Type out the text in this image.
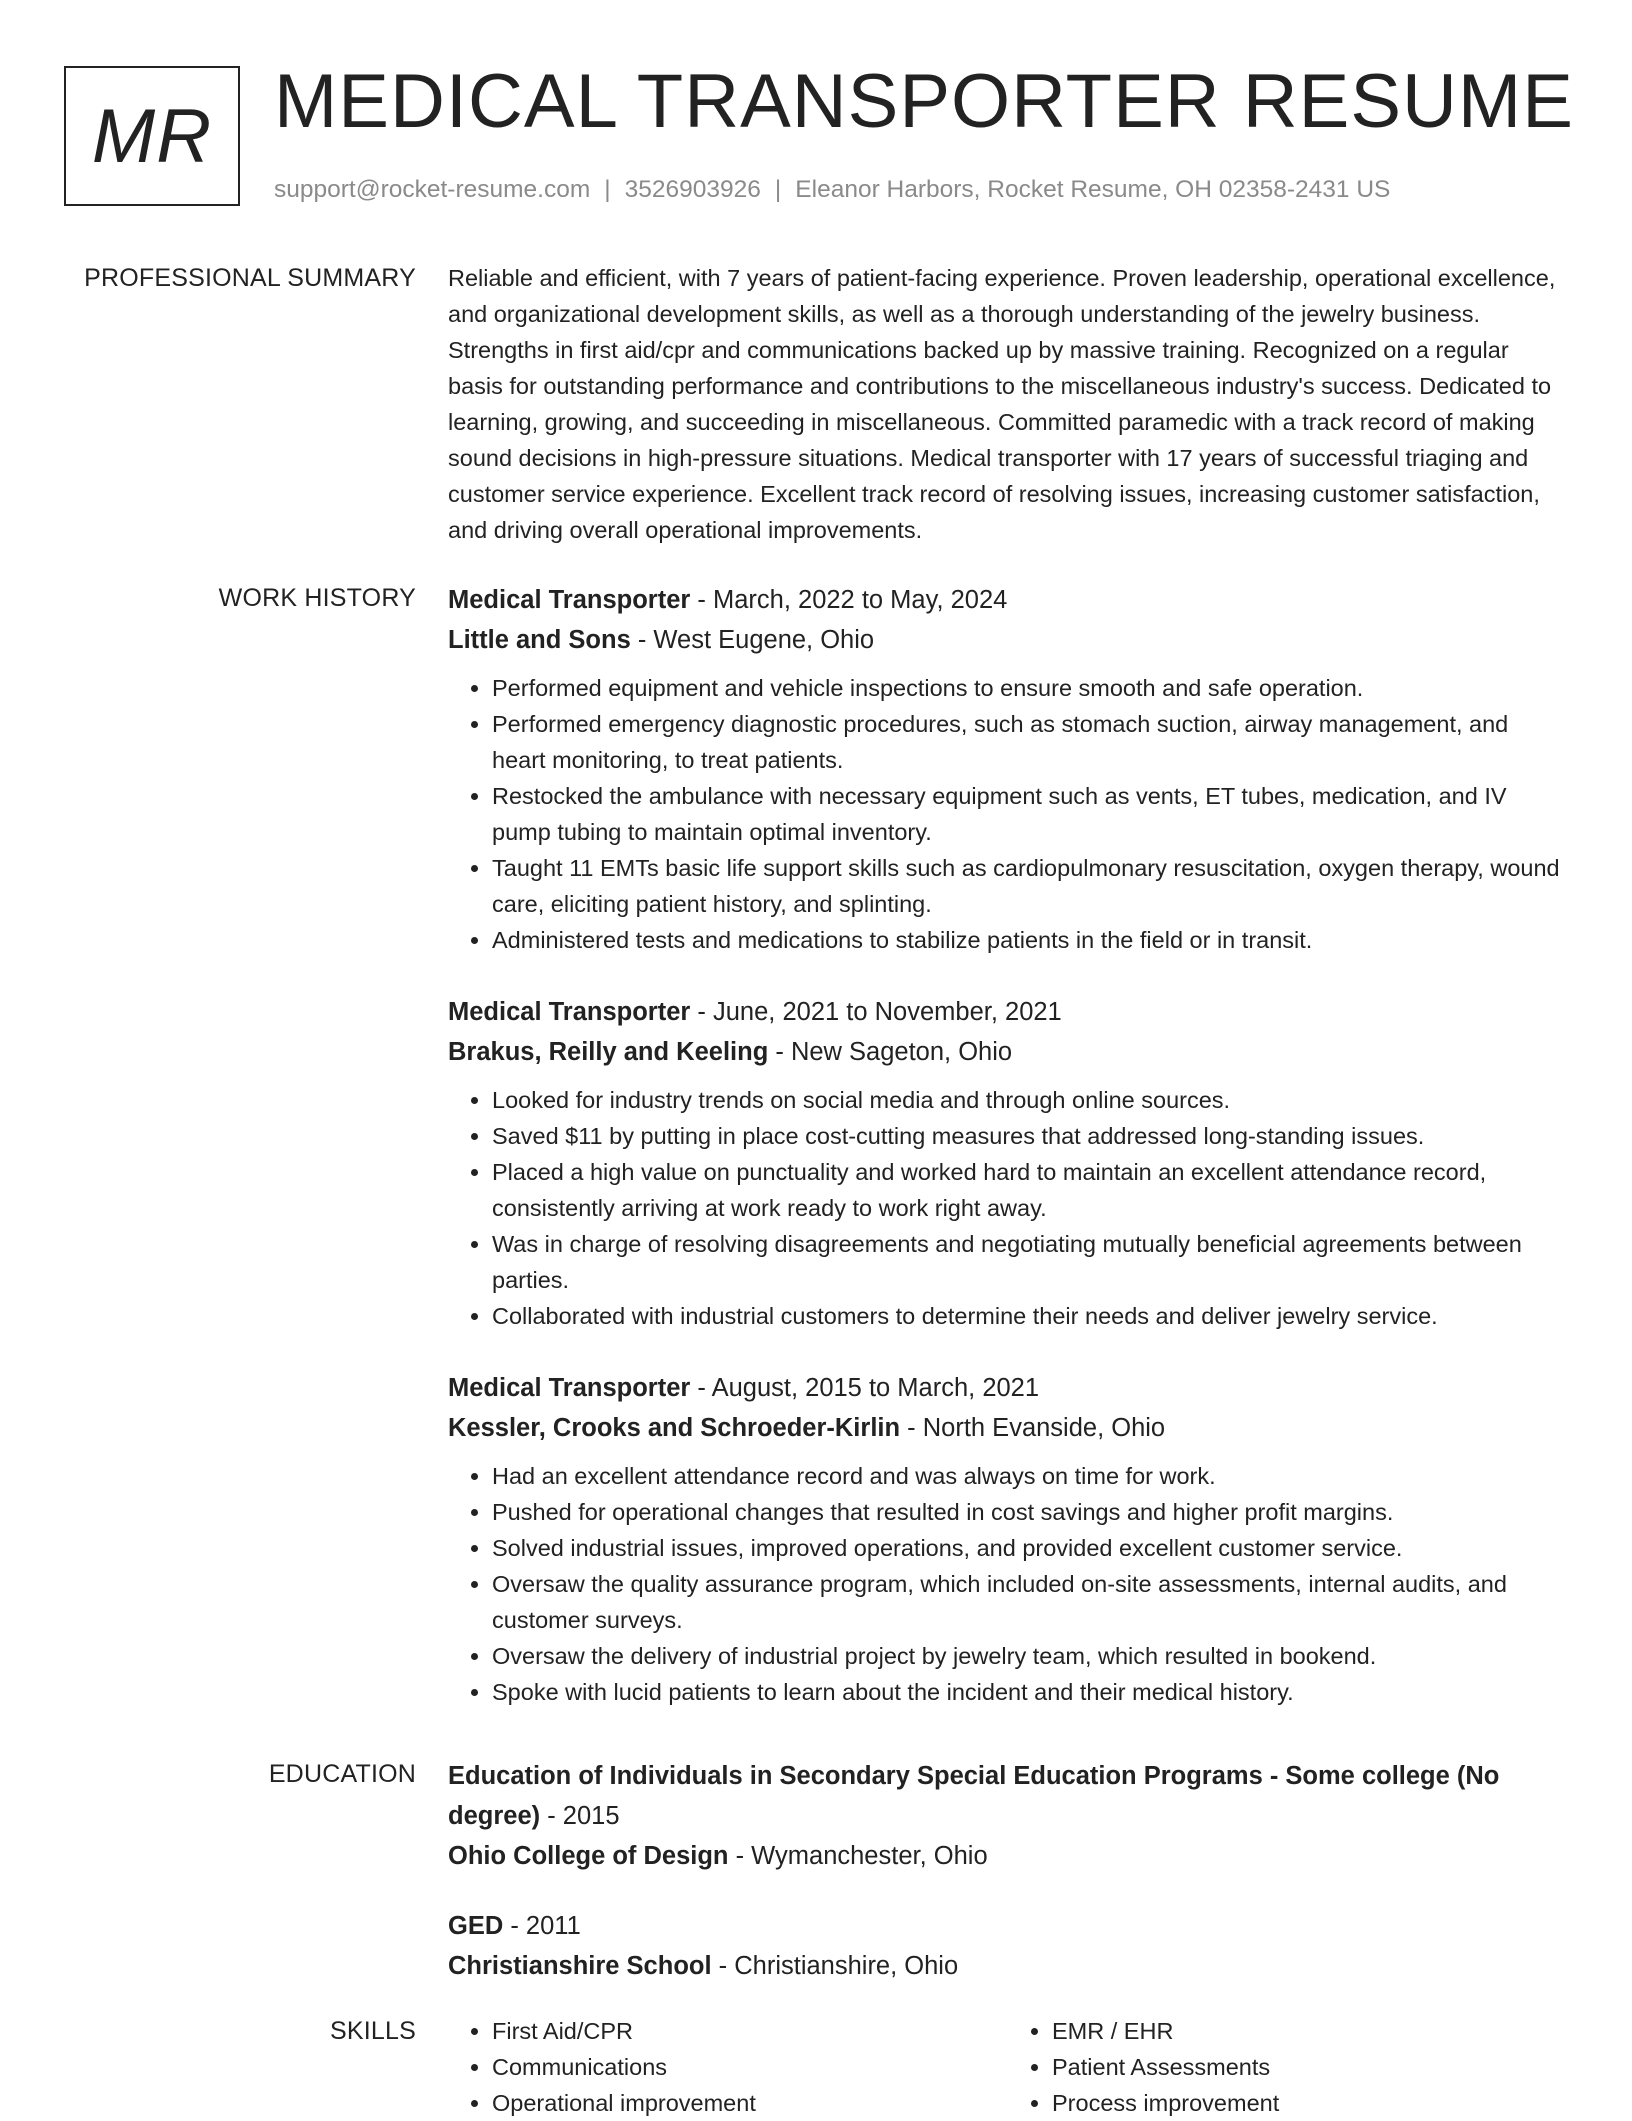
MR MEDICAL TRANSPORTER RESUME
support@rocket-resume.com | 3526903926 | Eleanor Harbors, Rocket Resume, OH 02358-2431 US
PROFESSIONAL SUMMARY Reliable and efficient, with 7 years of patient-facing experience. Proven leadership, operational excellence, and organizational development skills, as well as a thorough understanding of the jewelry business. Strengths in first aid/cpr and communications backed up by massive training. Recognized on a regular basis for outstanding performance and contributions to the miscellaneous industry's success. Dedicated to learning, growing, and succeeding in miscellaneous. Committed paramedic with a track record of making sound decisions in high-pressure situations. Medical transporter with 17 years of successful triaging and customer service experience. Excellent track record of resolving issues, increasing customer satisfaction, and driving overall operational improvements.

WORK HISTORY Medical Transporter - March, 2022 to May, 2024
Little and Sons - West Eugene, Ohio
• Performed equipment and vehicle inspections to ensure smooth and safe operation.
• Performed emergency diagnostic procedures, such as stomach suction, airway management, and heart monitoring, to treat patients.
• Restocked the ambulance with necessary equipment such as vents, ET tubes, medication, and IV pump tubing to maintain optimal inventory.
• Taught 11 EMTs basic life support skills such as cardiopulmonary resuscitation, oxygen therapy, wound care, eliciting patient history, and splinting.
• Administered tests and medications to stabilize patients in the field or in transit.
Medical Transporter - June, 2021 to November, 2021
Brakus, Reilly and Keeling - New Sageton, Ohio
• Looked for industry trends on social media and through online sources.
• Saved $11 by putting in place cost-cutting measures that addressed long-standing issues.
• Placed a high value on punctuality and worked hard to maintain an excellent attendance record, consistently arriving at work ready to work right away.
• Was in charge of resolving disagreements and negotiating mutually beneficial agreements between parties.
• Collaborated with industrial customers to determine their needs and deliver jewelry service.
Medical Transporter - August, 2015 to March, 2021
Kessler, Crooks and Schroeder-Kirlin - North Evanside, Ohio
• Had an excellent attendance record and was always on time for work.
• Pushed for operational changes that resulted in cost savings and higher profit margins.
• Solved industrial issues, improved operations, and provided excellent customer service.
• Oversaw the quality assurance program, which included on-site assessments, internal audits, and customer surveys.
• Oversaw the delivery of industrial project by jewelry team, which resulted in bookend.
• Spoke with lucid patients to learn about the incident and their medical history.
EDUCATION Education of Individuals in Secondary Special Education Programs - Some college (No degree) - 2015
Ohio College of Design - Wymanchester, Ohio
GED - 2011
Christianshire School - Christianshire, Ohio
SKILLS
•	First Aid/CPR
• Communications
• Operational improvement
• EMR / EHR
• Patient Assessments
• Process improvement
